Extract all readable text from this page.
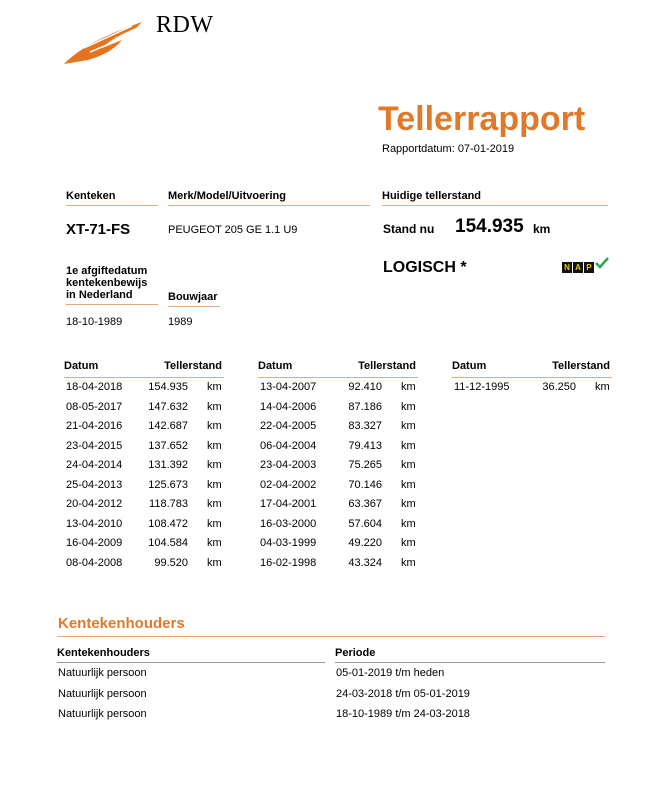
RDW
Tellerrapport
Rapportdatum: 07-01-2019
Kenteken	Merk/Model/Uitvoering	Huidige tellerstand
XT-71-FS	PEUGEOT 205 GE 1.1 U9	Stand nu 154.935 km
LOGISCH *	N A P
1e afgiftedatum kentekenbewijs in Nederland	Bouwjaar
18-10-1989	1989
Datum	Tellerstand	Datum	Tellerstand	Datum	Tellerstand
18-04-2018	154.935 km
08-05-2017	147.632 km
21-04-2016	142.687 km
23-04-2015	137.652 km
24-04-2014	131.392 km
25-04-2013	125.673 km
20-04-2012	118.783 km
13-04-2010	108.472 km
16-04-2009	104.584 km
08-04-2008	99.520 km
13-04-2007	92.410 km
14-04-2006	87.186 km
22-04-2005	83.327 km
06-04-2004	79.413 km
23-04-2003	75.265 km
02-04-2002	70.146 km
17-04-2001	63.367 km
16-03-2000	57.604 km
04-03-1999	49.220 km
16-02-1998	43.324 km
11-12-1995	36.250 km
Kentekenhouders
Kentekenhouders	Periode
Natuurlijk persoon	05-01-2019 t/m heden
Natuurlijk persoon	24-03-2018 t/m 05-01-2019
Natuurlijk persoon	18-10-1989 t/m 24-03-2018
